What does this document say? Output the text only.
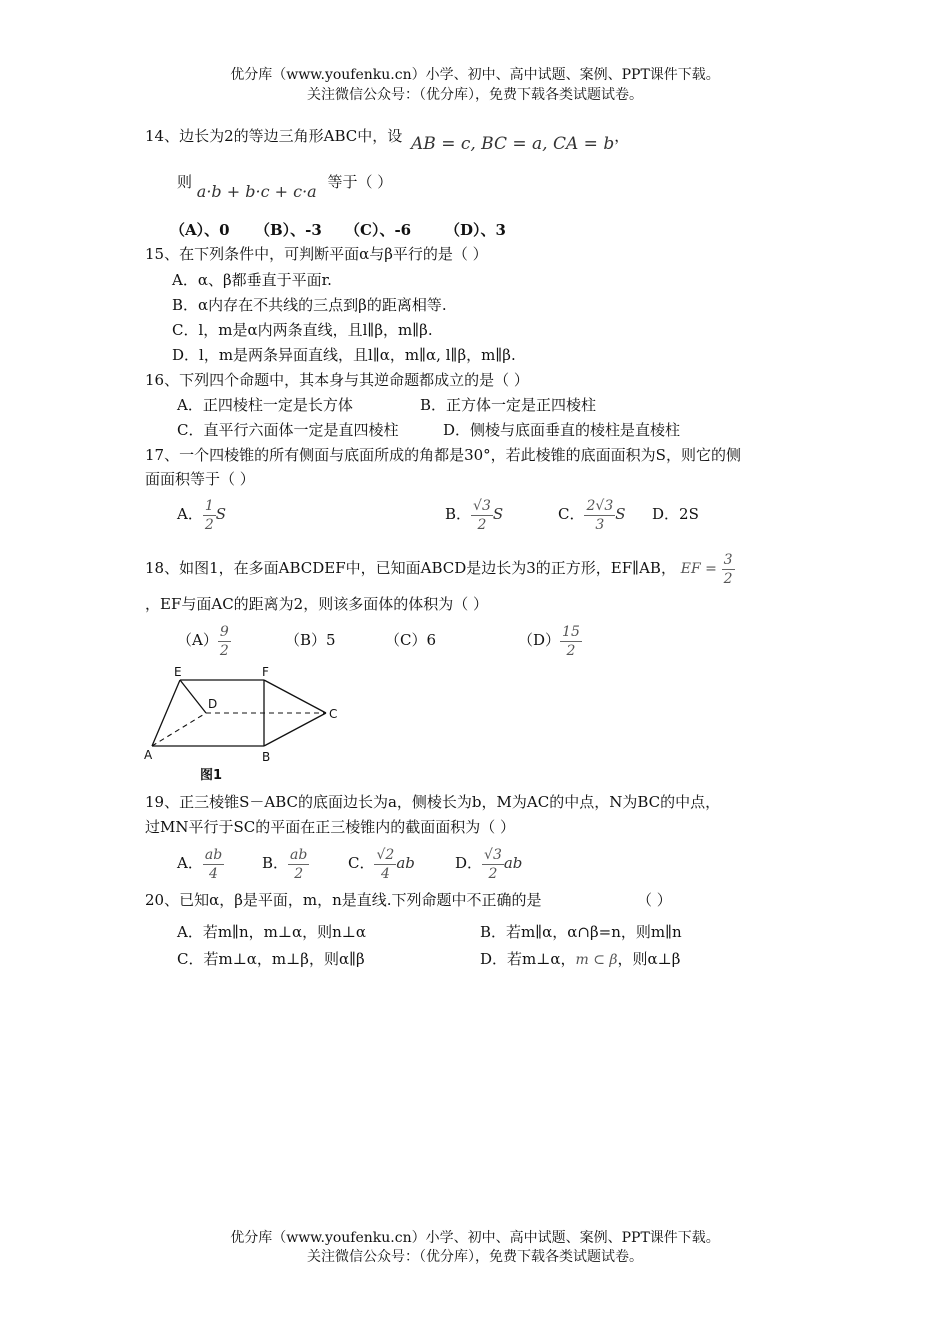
优分库（www.youfenku.cn）小学、初中、高中试题、案例、PPT课件下载。
关注微信公众号：（优分库），免费下载各类试题试卷。
14、边长为2的等边三角形ABC中，设 AB = c, BC = a, CA = b，
则 a·b + b·c + c·a 等于（ ）
（A）、0 （B）、-3 （C）、-6 （D）、3
15、在下列条件中，可判断平面α与β平行的是（ ）
A．α、β都垂直于平面r.
B．α内存在不共线的三点到β的距离相等.
C．l，m是α内两条直线，且l∥β，m∥β.
D．l，m是两条异面直线，且l∥α，m∥α, l∥β，m∥β.
16、下列四个命题中，其本身与其逆命题都成立的是（ ）
A．正四棱柱一定是长方体	B．正方体一定是正四棱柱
C．直平行六面体一定是直四棱柱	D．侧棱与底面垂直的棱柱是直棱柱
17、一个四棱锥的所有侧面与底面所成的角都是30°，若此棱锥的底面面积为S，则它的侧
面面积等于（ ）
A． $\frac{1}{2}$ S	B． $\frac{√3}{2}$ S	C． $\frac{2√3}{3}$ S D．2S
18、如图1，在多面ABCDEF中，已知面ABCD是边长为3的正方形，EF∥AB， EF = $\frac{3}{2}$
，EF与面AC的距离为2，则该多面体的体积为（ ）
$(A) \frac{9}{2}$	（B）5	（C）6	$(D) \frac{15}{2}$
E	F
D
C
A	B
图1
19、正三棱锥S－ABC的底面边长为a，侧棱长为b，M为AC的中点，N为BC的中点，
过MN平行于SC的平面在正三棱锥内的截面面积为（ ）
A． $\frac{ab}{4}$	B． $\frac{ab}{2}$	C． $\frac{√2}{4}$ ab	D． $\frac{√3}{2}$ ab
20、已知α，β是平面，m，n是直线.下列命题中不正确的是	（ ）
A．若m∥n，m⊥α，则n⊥α	B．若m∥α，α∩β=n，则m∥n
C．若m⊥α，m⊥β，则α∥β	D．若m⊥α，m ⊂ β，则α⊥β
优分库（www.youfenku.cn）小学、初中、高中试题、案例、PPT课件下载。
关注微信公众号：（优分库），免费下载各类试题试卷。
